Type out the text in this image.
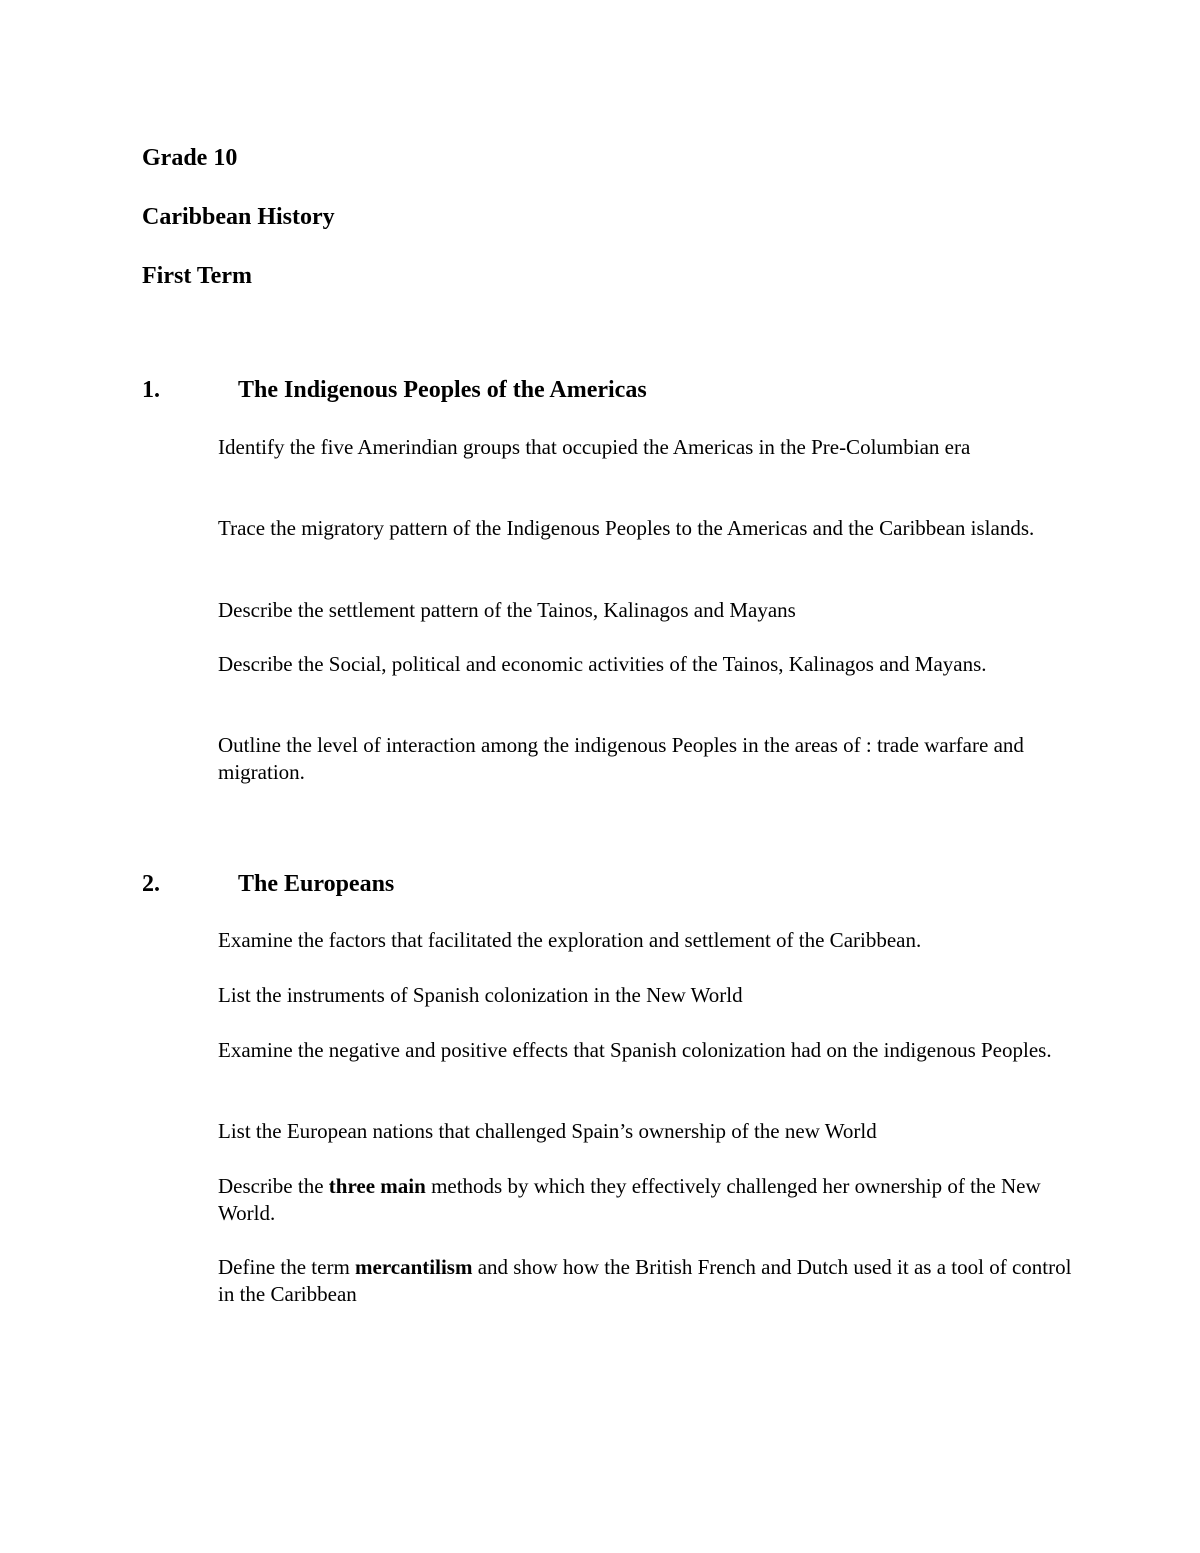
Grade 10

Caribbean History

First Term

1.	The Indigenous Peoples of the Americas

Identify the five Amerindian groups that occupied the Americas in the Pre-Columbian era

Trace the migratory pattern of the Indigenous Peoples to the Americas and the Caribbean islands.

Describe the settlement pattern of the Tainos, Kalinagos and Mayans

Describe the Social, political and economic activities of the Tainos, Kalinagos and Mayans.

Outline the level of interaction among the indigenous Peoples in the areas of : trade warfare and migration.

2.	The Europeans

Examine the factors that facilitated the exploration and settlement of the Caribbean.

List the instruments of Spanish colonization in the New World

Examine the negative and positive effects that Spanish colonization had on the indigenous Peoples.

List the European nations that challenged Spain’s ownership of the new World

Describe the three main methods by which they effectively challenged her ownership of the New World.

Define the term mercantilism and show how the British French and Dutch used it as a tool of control in the Caribbean
